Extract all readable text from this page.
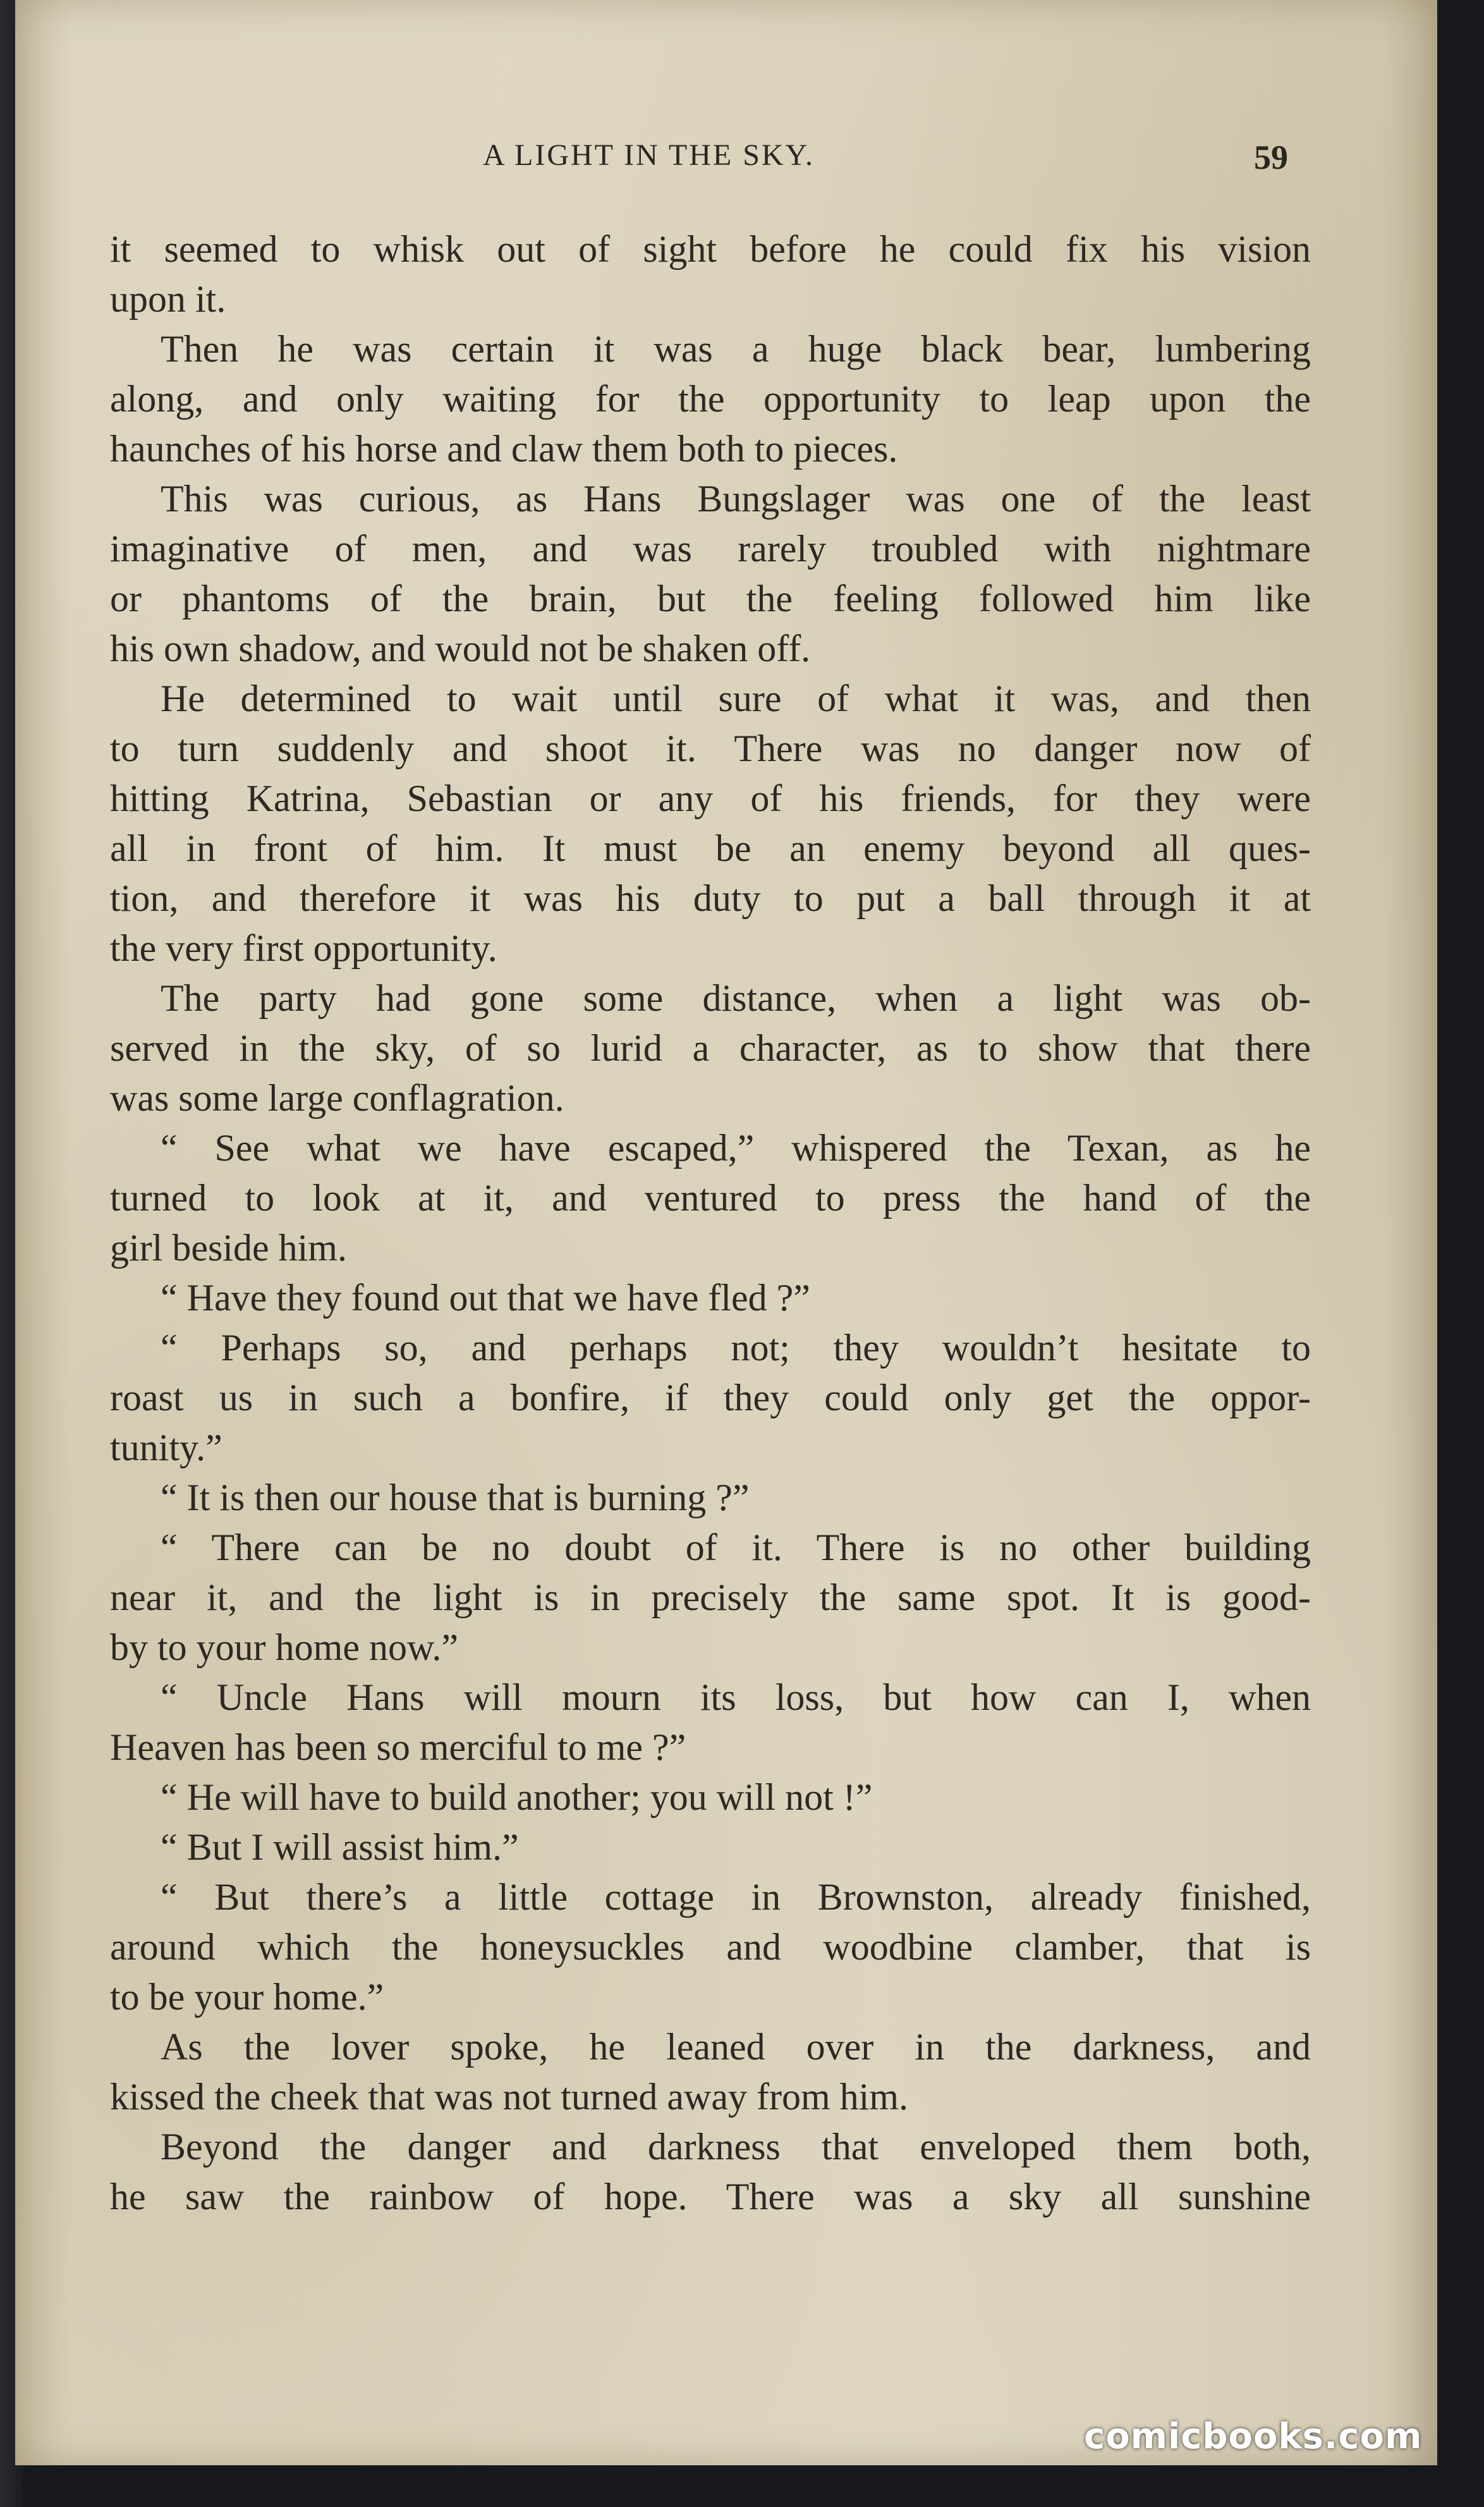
A LIGHT IN THE SKY.	59
it seemed to whisk out of sight before he could fix his vision
upon it.
Then he was certain it was a huge black bear, lumbering
along, and only waiting for the opportunity to leap upon the
haunches of his horse and claw them both to pieces.
This was curious, as Hans Bungslager was one of the least
imaginative of men, and was rarely troubled with nightmare
or phantoms of the brain, but the feeling followed him like
his own shadow, and would not be shaken off.
He determined to wait until sure of what it was, and then
to turn suddenly and shoot it. There was no danger now of
hitting Katrina, Sebastian or any of his friends, for they were
all in front of him. It must be an enemy beyond all ques-
tion, and therefore it was his duty to put a ball through it at
the very first opportunity.
The party had gone some distance, when a light was ob-
served in the sky, of so lurid a character, as to show that there
was some large conflagration.
“ See what we have escaped,” whispered the Texan, as he
turned to look at it, and ventured to press the hand of the
girl beside him.
“ Have they found out that we have fled ?”
“ Perhaps so, and perhaps not; they wouldn’t hesitate to
roast us in such a bonfire, if they could only get the oppor-
tunity.”
“ It is then our house that is burning ?”
“ There can be no doubt of it. There is no other building
near it, and the light is in precisely the same spot. It is good-
by to your home now.”
“ Uncle Hans will mourn its loss, but how can I, when
Heaven has been so merciful to me ?”
“ He will have to build another; you will not !”
“ But I will assist him.”
“ But there’s a little cottage in Brownston, already finished,
around which the honeysuckles and woodbine clamber, that is
to be your home.”
As the lover spoke, he leaned over in the darkness, and
kissed the cheek that was not turned away from him.
Beyond the danger and darkness that enveloped them both,
he saw the rainbow of hope. There was a sky all sunshine
comicbooks.com
